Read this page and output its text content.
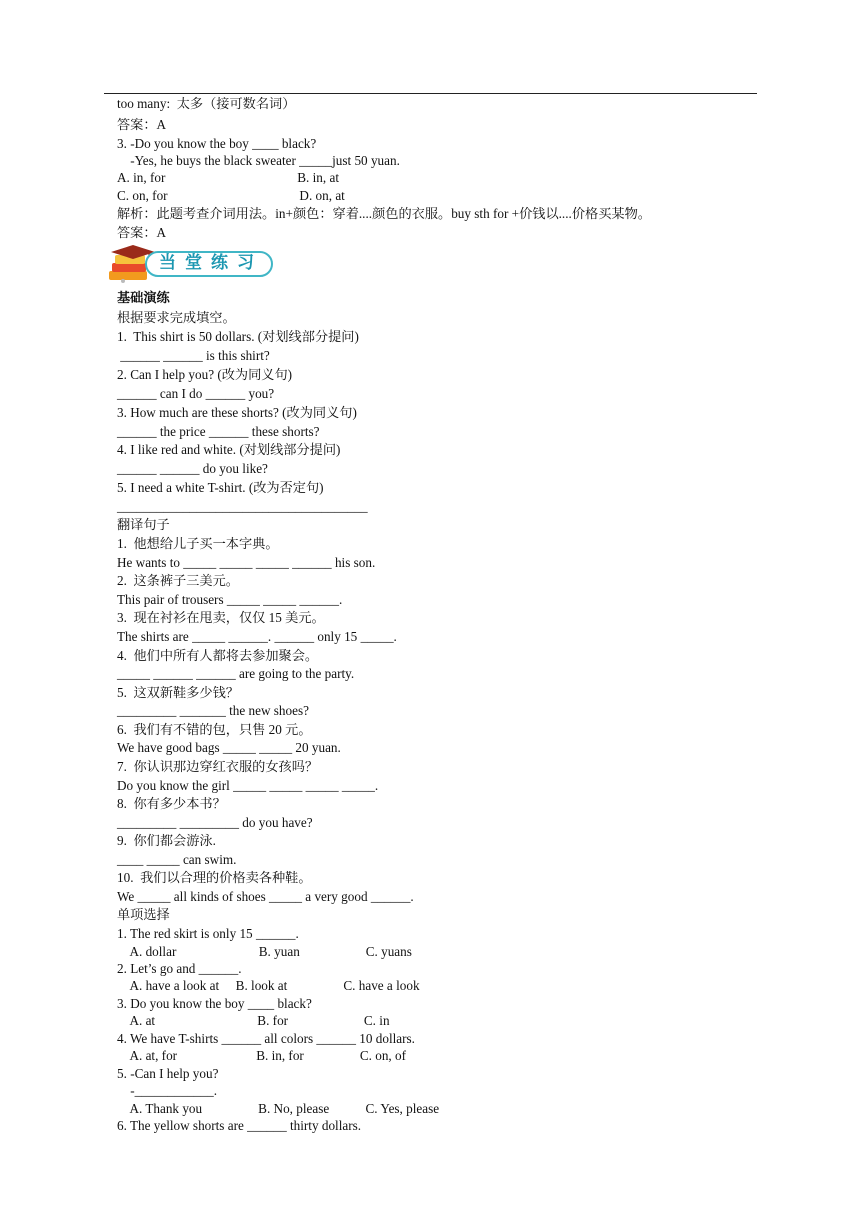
当堂练习
too many:  太多（接可数名词）
答案：A
3. -Do you know the boy ____ black?
-Yes, he buys the black sweater _____just 50 yuan.
A. in, for                                        B. in, at
C. on, for                                        D. on, at
解析：此题考查介词用法。in+颜色：穿着....颜色的衣服。buy sth for +价钱以....价格买某物。
答案：A
基础演练
根据要求完成填空。
1.  This shirt is 50 dollars. (对划线部分提问)
______ ______ is this shirt?
2. Can I help you? (改为同义句)
______ can I do ______ you?
3. How much are these shorts? (改为同义句)
______ the price ______ these shorts?
4. I like red and white. (对划线部分提问)
______ ______ do you like?
5. I need a white T-shirt. (改为否定句)
______________________________________
翻译句子
1.  他想给儿子买一本字典。
He wants to _____ _____ _____ ______ his son.
2.  这条裤子三美元。
This pair of trousers _____ _____ ______.
3.  现在衬衫在甩卖，仅仅 15 美元。
The shirts are _____ ______. ______ only 15 _____.
4.  他们中所有人都将去参加聚会。
_____ ______ ______ are going to the party.
5.  这双新鞋多少钱？
_________ _______ the new shoes?
6.  我们有不错的包，只售 20 元。
We have good bags _____ _____ 20 yuan.
7.  你认识那边穿红衣服的女孩吗？
Do you know the girl _____ _____ _____ _____.
8.  你有多少本书？
_________ _________ do you have?
9.  你们都会游泳.
____ _____ can swim.
10.  我们以合理的价格卖各种鞋。
We _____ all kinds of shoes _____ a very good ______.
单项选择
1. The red skirt is only 15 ______.
A. dollar                         B. yuan                    C. yuans
2. Let’s go and ______.
A. have a look at     B. look at                 C. have a look
3. Do you know the boy ____ black?
A. at                               B. for                       C. in
4. We have T-shirts ______ all colors ______ 10 dollars.
A. at, for                        B. in, for                 C. on, of
5. -Can I help you?
-____________.
A. Thank you                 B. No, please           C. Yes, please
6. The yellow shorts are ______ thirty dollars.
